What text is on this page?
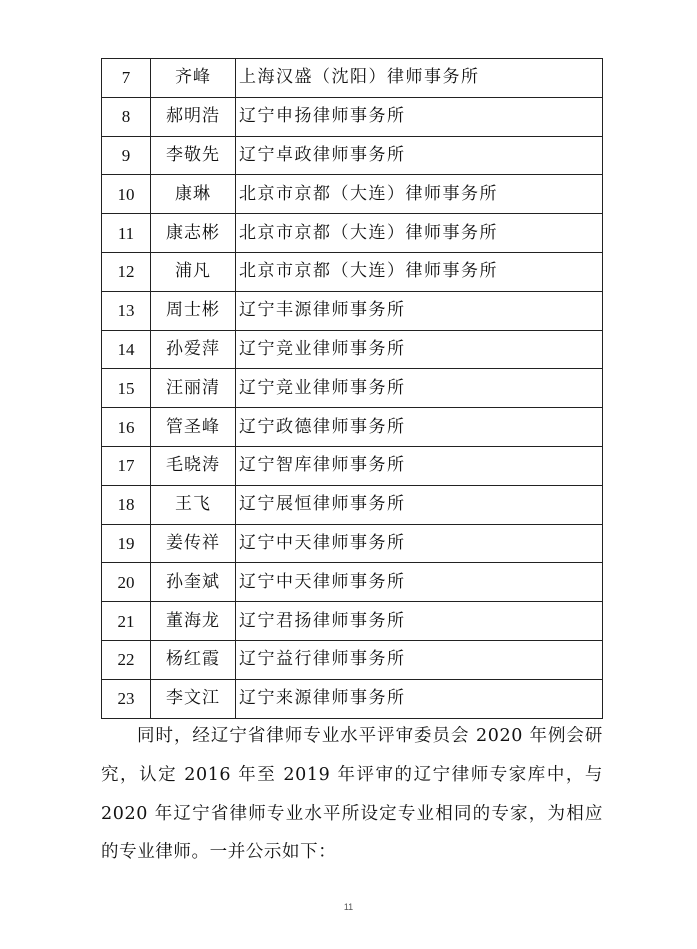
7	齐峰	上海汉盛（沈阳）律师事务所
8	郝明浩	辽宁申扬律师事务所
9	李敬先	辽宁卓政律师事务所
10	康琳	北京市京都（大连）律师事务所
11	康志彬	北京市京都（大连）律师事务所
12	浦凡	北京市京都（大连）律师事务所
13	周士彬	辽宁丰源律师事务所
14	孙爱萍	辽宁竞业律师事务所
15	汪丽清	辽宁竞业律师事务所
16	管圣峰	辽宁政德律师事务所
17	毛晓涛	辽宁智库律师事务所
18	王飞	辽宁展恒律师事务所
19	姜传祥	辽宁中天律师事务所
20	孙奎斌	辽宁中天律师事务所
21	董海龙	辽宁君扬律师事务所
22	杨红霞	辽宁益行律师事务所
23	李文江	辽宁来源律师事务所

同时，经辽宁省律师专业水平评审委员会 2020 年例会研究，认定 2016 年至 2019 年评审的辽宁律师专家库中，与 2020 年辽宁省律师专业水平所设定专业相同的专家，为相应的专业律师。一并公示如下：

11
